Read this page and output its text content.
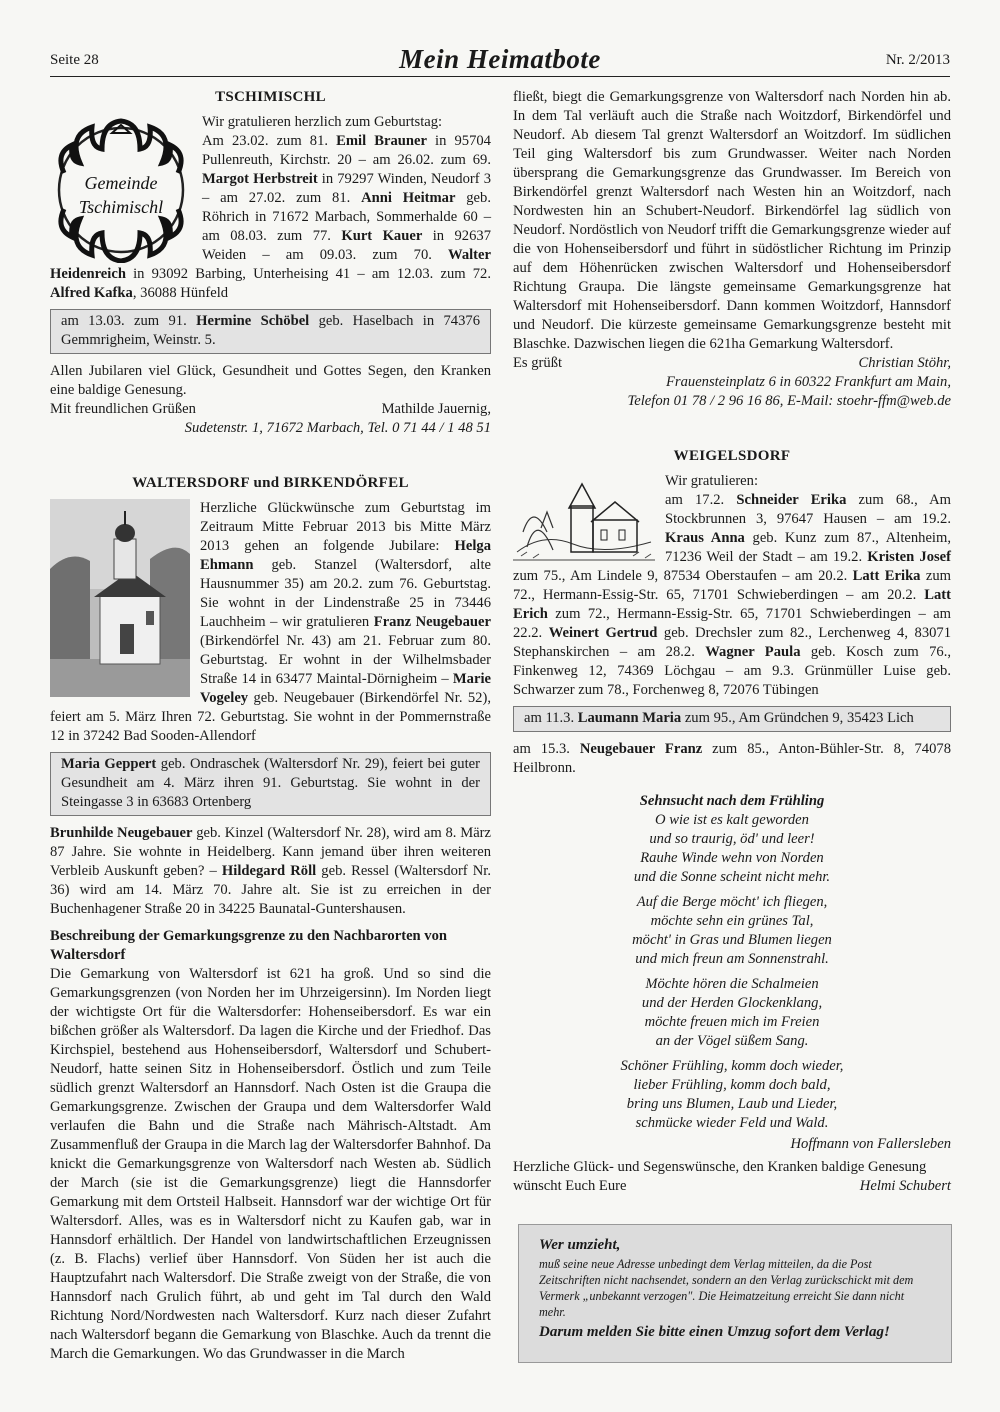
Seite 28	Mein Heimatbote	Nr. 2/2013
TSCHIMISCHL
Gemeinde
Tschimischl

Wir gratulieren herzlich zum Geburtstag:

Am 23.02. zum 81. Emil Brauner in 95704 Pullenreuth, Kirchstr. 20 – am 26.02. zum 69. Margot Herbstreit in 79297 Winden, Neudorf 3 – am 27.02. zum 81. Anni Heitmar geb. Röhrich in 71672 Marbach, Sommerhalde 60 – am 08.03. zum 77. Kurt Kauer in 92637 Weiden – am 09.03. zum 70. Walter Heidenreich in 93092 Barbing, Unterheising 41 – am 12.03. zum 72. Alfred Kafka, 36088 Hünfeld

am 13.03. zum 91. Hermine Schöbel geb. Haselbach in 74376 Gemmrigheim, Weinstr. 5.

Allen Jubilaren viel Glück, Gesundheit und Gottes Segen, den Kranken eine baldige Genesung.

Mit freundlichen Grüßen	Mathilde Jauernig,
Sudetenstr. 1, 71672 Marbach, Tel. 0 71 44 / 1 48 51
WALTERSDORF und BIRKENDÖRFEL

Herzliche Glückwünsche zum Geburtstag im Zeitraum Mitte Februar 2013 bis Mitte März 2013 gehen an folgende Jubilare: Helga Ehmann geb. Stanzel (Waltersdorf, alte Hausnummer 35) am 20.2. zum 76. Geburtstag. Sie wohnt in der Lindenstraße 25 in 73446 Lauchheim – wir gratulieren Franz Neugebauer (Birkendörfel Nr. 43) am 21. Februar zum 80. Geburtstag. Er wohnt in der Wilhelmsbader Straße 14 in 63477 Maintal-Dörnigheim – Marie Vogeley geb. Neugebauer (Birkendörfel Nr. 52), feiert am 5. März Ihren 72. Geburtstag. Sie wohnt in der Pommernstraße 12 in 37242 Bad Sooden-Allendorf

Maria Geppert geb. Ondraschek (Waltersdorf Nr. 29), feiert bei guter Gesundheit am 4. März ihren 91. Geburtstag. Sie wohnt in der Steingasse 3 in 63683 Ortenberg

Brunhilde Neugebauer geb. Kinzel (Waltersdorf Nr. 28), wird am 8. März 87 Jahre. Sie wohnte in Heidelberg. Kann jemand über ihren weiteren Verbleib Auskunft geben? – Hildegard Röll geb. Ressel (Waltersdorf Nr. 36) wird am 14. März 70. Jahre alt. Sie ist zu erreichen in der Buchenhagener Straße 20 in 34225 Baunatal-Guntershausen.

Beschreibung der Gemarkungsgrenze zu den Nachbarorten von Waltersdorf

Die Gemarkung von Waltersdorf ist 621 ha groß. Und so sind die Gemarkungsgrenzen (von Norden her im Uhrzeigersinn). Im Norden liegt der wichtigste Ort für die Waltersdorfer: Hohenseibersdorf. Es war ein bißchen größer als Waltersdorf. Da lagen die Kirche und der Friedhof. Das Kirchspiel, bestehend aus Hohenseibersdorf, Waltersdorf und Schubert-Neudorf, hatte seinen Sitz in Hohenseibersdorf. Östlich und zum Teile südlich grenzt Waltersdorf an Hannsdorf. Nach Osten ist die Graupa die Gemarkungsgrenze. Zwischen der Graupa und dem Waltersdorfer Wald verlaufen die Bahn und die Straße nach Mährisch-Altstadt. Am Zusammenfluß der Graupa in die March lag der Waltersdorfer Bahnhof. Da knickt die Gemarkungsgrenze von Waltersdorf nach Westen ab. Südlich der March (sie ist die Gemarkungsgrenze) liegt die Hannsdorfer Gemarkung mit dem Ortsteil Halbseit. Hannsdorf war der wichtige Ort für Waltersdorf. Alles, was es in Waltersdorf nicht zu Kaufen gab, war in Hannsdorf erhältlich. Der Handel von landwirtschaftlichen Erzeugnissen (z. B. Flachs) verlief über Hannsdorf. Von Süden her ist auch die Hauptzufahrt nach Waltersdorf. Die Straße zweigt von der Straße, die von Hannsdorf nach Grulich führt, ab und geht im Tal durch den Wald Richtung Nord/Nordwesten nach Waltersdorf. Kurz nach dieser Zufahrt nach Waltersdorf begann die Gemarkung von Blaschke. Auch da trennt die March die Gemarkungen. Wo das Grundwasser in die March

fließt, biegt die Gemarkungsgrenze von Waltersdorf nach Norden hin ab. In dem Tal verläuft auch die Straße nach Woitzdorf, Birkendörfel und Neudorf. Ab diesem Tal grenzt Waltersdorf an Woitzdorf. Im südlichen Teil ging Waltersdorf bis zum Grundwasser. Weiter nach Norden übersprang die Gemarkungsgrenze das Grundwasser. Im Bereich von Birkendörfel grenzt Waltersdorf nach Westen hin an Woitzdorf, nach Nordwesten hin an Schubert-Neudorf. Birkendörfel lag südlich von Neudorf. Nordöstlich von Neudorf trifft die Gemarkungsgrenze wieder auf die von Hohenseibersdorf und führt in südöstlicher Richtung im Prinzip auf dem Höhenrücken zwischen Waltersdorf und Hohenseibersdorf Richtung Graupa. Die längste gemeinsame Gemarkungsgrenze hat Waltersdorf mit Hohenseibersdorf. Dann kommen Woitzdorf, Hannsdorf und Neudorf. Die kürzeste gemeinsame Gemarkungsgrenze besteht mit Blaschke. Dazwischen liegen die 621ha Gemarkung Waltersdorf.

Es grüßt	Christian Stöhr,
Frauensteinplatz 6 in 60322 Frankfurt am Main,
Telefon 01 78 / 2 96 16 86, E-Mail: stoehr-ffm@web.de
WEIGELSDORF

Wir gratulieren:

am 17.2. Schneider Erika zum 68., Am Stockbrunnen 3, 97647 Hausen – am 19.2. Kraus Anna geb. Kunz zum 87., Altenheim, 71236 Weil der Stadt – am 19.2. Kristen Josef zum 75., Am Lindele 9, 87534 Oberstaufen – am 20.2. Latt Erika zum 72., Hermann-Essig-Str. 65, 71701 Schwieberdingen – am 20.2. Latt Erich zum 72., Hermann-Essig-Str. 65, 71701 Schwieberdingen – am 22.2. Weinert Gertrud geb. Drechsler zum 82., Lerchenweg 4, 83071 Stephanskirchen – am 28.2. Wagner Paula geb. Kosch zum 76., Finkenweg 12, 74369 Löchgau – am 9.3. Grünmüller Luise geb. Schwarzer zum 78., Forchenweg 8, 72076 Tübingen

am 11.3. Laumann Maria zum 95., Am Gründchen 9, 35423 Lich

am 15.3. Neugebauer Franz zum 85., Anton-Bühler-Str. 8, 74078 Heilbronn.

Sehnsucht nach dem Frühling
O wie ist es kalt geworden
und so traurig, öd' und leer!
Rauhe Winde wehn von Norden
und die Sonne scheint nicht mehr.
Auf die Berge möcht' ich fliegen,
möchte sehn ein grünes Tal,
möcht' in Gras und Blumen liegen
und mich freun am Sonnenstrahl.
Möchte hören die Schalmeien
und der Herden Glockenklang,
möchte freuen mich im Freien
an der Vögel süßem Sang.
Schöner Frühling, komm doch wieder,
lieber Frühling, komm doch bald,
bring uns Blumen, Laub und Lieder,
schmücke wieder Feld und Wald.
Hoffmann von Fallersleben

Herzliche Glück- und Segenswünsche, den Kranken baldige Genesung

wünscht Euch Eure	Helmi Schubert
Wer umzieht,

muß seine neue Adresse unbedingt dem Verlag mitteilen, da die Post Zeitschriften nicht nachsendet, sondern an den Verlag zurückschickt mit dem Vermerk „unbekannt verzogen". Die Heimatzeitung erreicht Sie dann nicht mehr.

Darum melden Sie bitte einen Umzug sofort dem Verlag!
